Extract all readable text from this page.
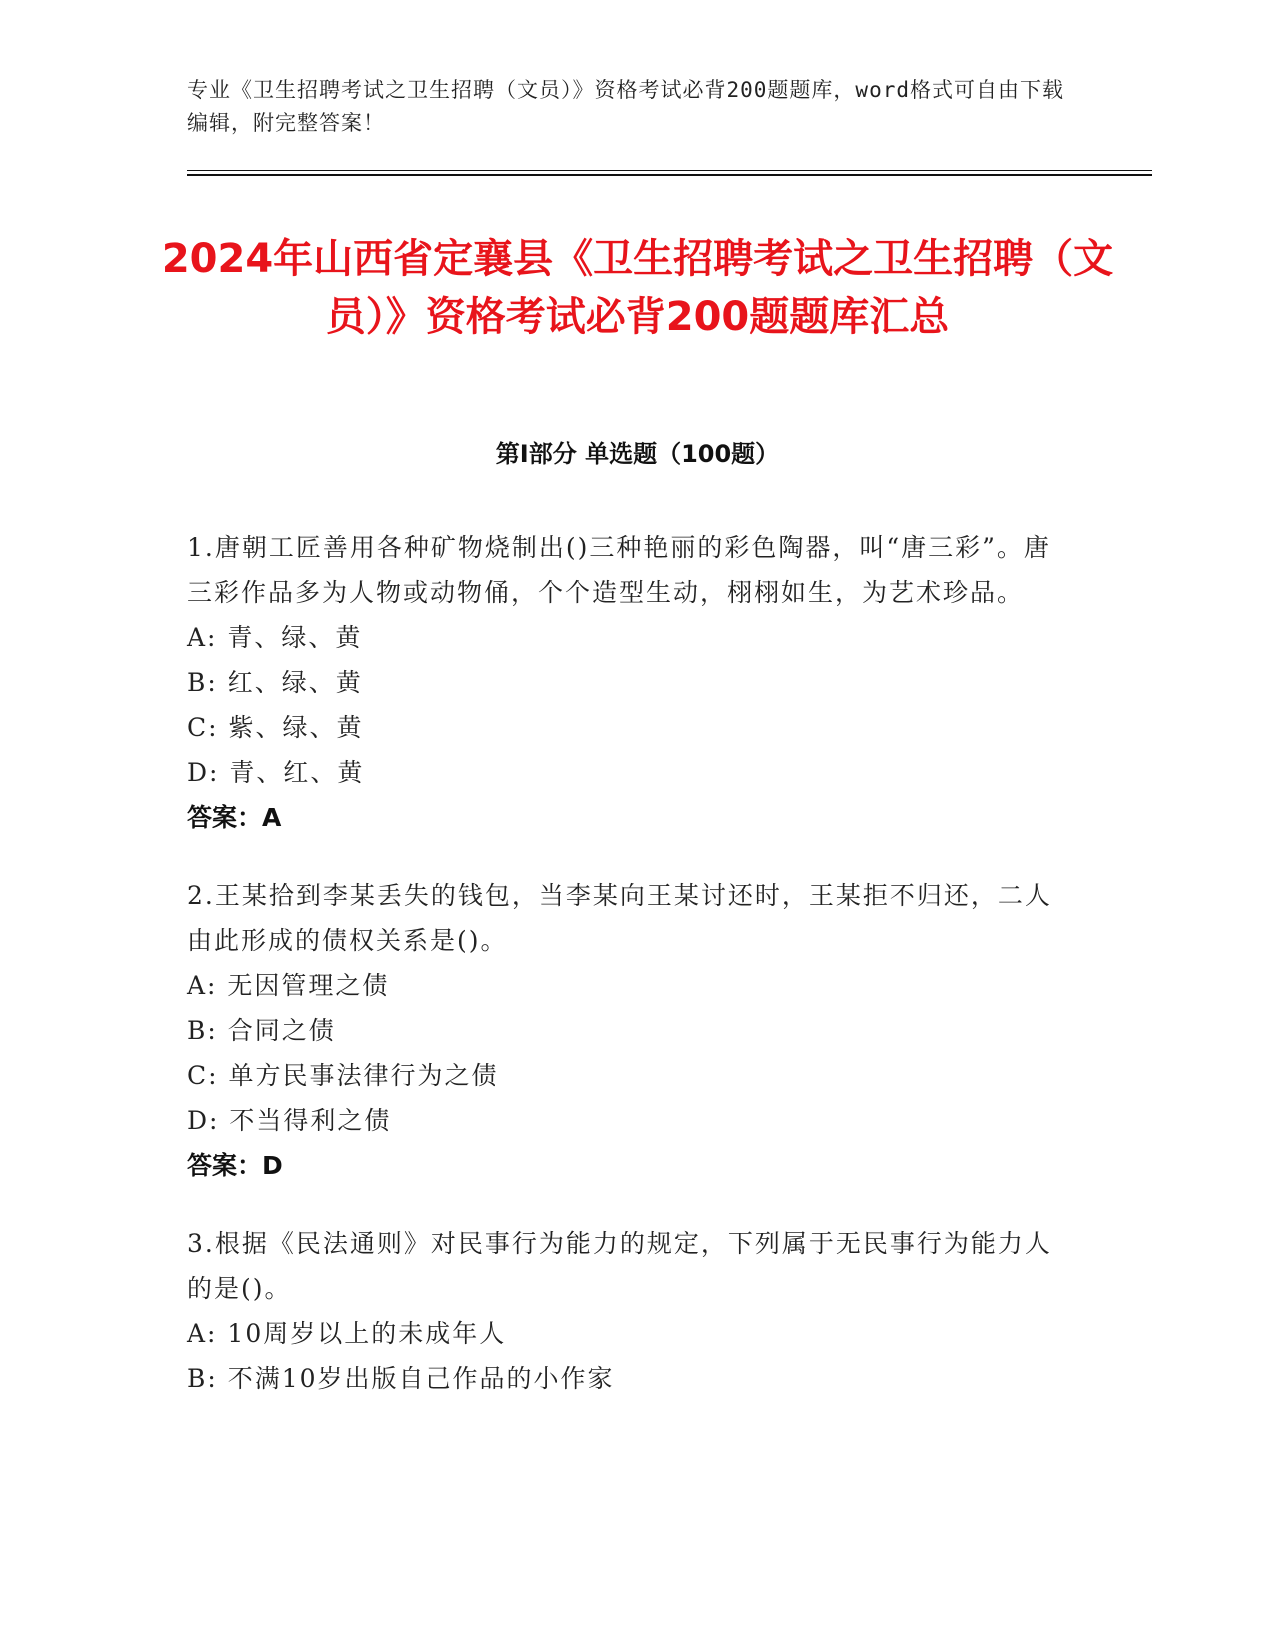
专业《卫生招聘考试之卫生招聘（文员）》资格考试必背200题题库，word格式可自由下载编辑，附完整答案！
2024年山西省定襄县《卫生招聘考试之卫生招聘（文员）》资格考试必背200题题库汇总
第Ⅰ部分 单选题（100题）
1.唐朝工匠善用各种矿物烧制出()三种艳丽的彩色陶器，叫“唐三彩”。唐三彩作品多为人物或动物俑，个个造型生动，栩栩如生，为艺术珍品。
A: 青、绿、黄
B: 红、绿、黄
C: 紫、绿、黄
D: 青、红、黄
答案：A
2.王某拾到李某丢失的钱包，当李某向王某讨还时，王某拒不归还，二人由此形成的债权关系是()。
A: 无因管理之债
B: 合同之债
C: 单方民事法律行为之债
D: 不当得利之债
答案：D
3.根据《民法通则》对民事行为能力的规定，下列属于无民事行为能力人的是()。
A: 10周岁以上的未成年人
B: 不满10岁出版自己作品的小作家
